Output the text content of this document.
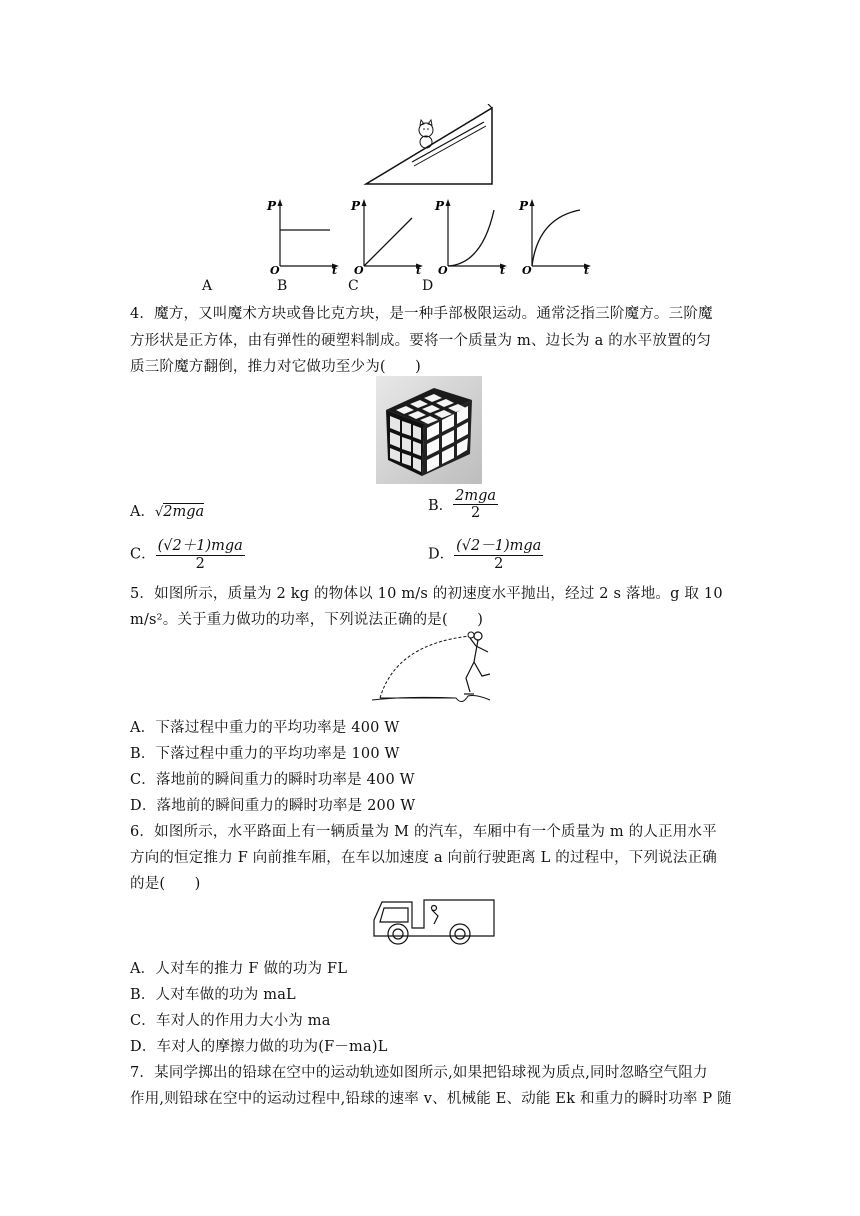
P
O	t
P
O	t
P
O	t
P
O	t
A	B	C	D
4．魔方，又叫魔术方块或鲁比克方块，是一种手部极限运动。通常泛指三阶魔方。三阶魔
方形状是正方体，由有弹性的硬塑料制成。要将一个质量为 m、边长为 a 的水平放置的匀
质三阶魔方翻倒，推力对它做功至少为(　　)
A．√2mga	B． $\frac{\text{2mga}}{2}$
C． $\frac{\text{(√2＋1)mga}}{2}$	D． $\frac{\text{(√2－1)mga}}{2}$
5．如图所示，质量为 2 kg 的物体以 10 m/s 的初速度水平抛出，经过 2 s 落地。g 取 10
m/s²。关于重力做功的功率，下列说法正确的是(　　)
A．下落过程中重力的平均功率是 400 W
B．下落过程中重力的平均功率是 100 W
C．落地前的瞬间重力的瞬时功率是 400 W
D．落地前的瞬间重力的瞬时功率是 200 W
6．如图所示，水平路面上有一辆质量为 M 的汽车，车厢中有一个质量为 m 的人正用水平
方向的恒定推力 F 向前推车厢，在车以加速度 a 向前行驶距离 L 的过程中，下列说法正确
的是(　　)
A．人对车的推力 F 做的功为 FL
B．人对车做的功为 maL
C．车对人的作用力大小为 ma
D．车对人的摩擦力做的功为(F－ma)L
7．某同学掷出的铅球在空中的运动轨迹如图所示,如果把铅球视为质点,同时忽略空气阻力
作用,则铅球在空中的运动过程中,铅球的速率 v、机械能 E、动能 Ek 和重力的瞬时功率 P 随
